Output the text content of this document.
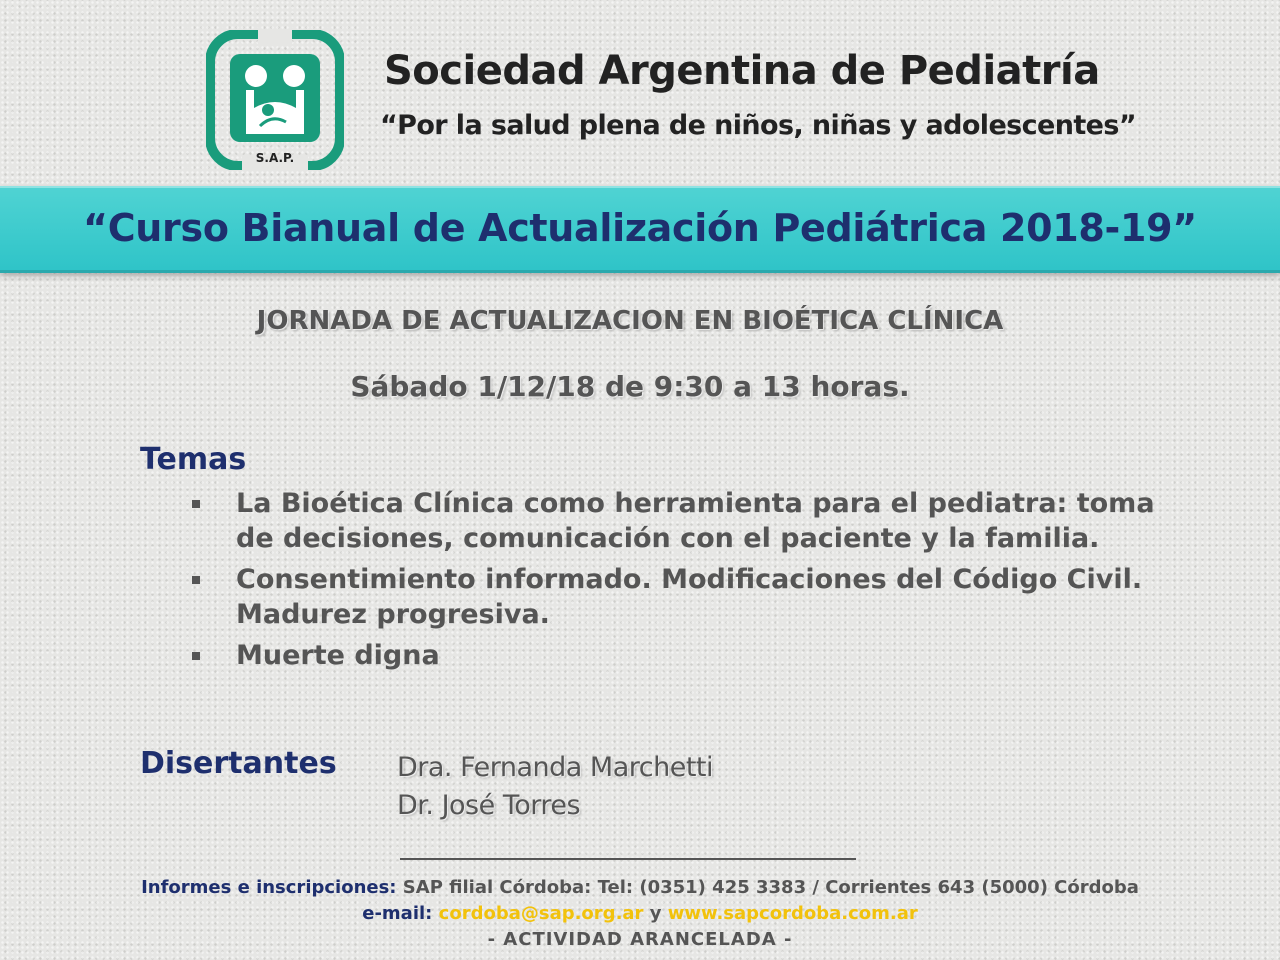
S.A.P.
Sociedad Argentina de Pediatría
“Por la salud plena de niños, niñas y adolescentes”
“Curso Bianual de Actualización Pediátrica 2018-19”
JORNADA DE ACTUALIZACION EN BIOÉTICA CLÍNICA
Sábado 1/12/18 de 9:30 a 13 horas.
Temas
La Bioética Clínica como herramienta para el pediatra: toma de decisiones, comunicación con el paciente y la familia.
Consentimiento informado. Modificaciones del Código Civil. Madurez progresiva.
Muerte digna
Disertantes Dra. Fernanda Marchetti
Dr. José Torres
Informes e inscripciones: SAP filial Córdoba: Tel: (0351) 425 3383 / Corrientes 643 (5000) Córdoba
e-mail: cordoba@sap.org.ar y www.sapcordoba.com.ar
- ACTIVIDAD ARANCELADA -
